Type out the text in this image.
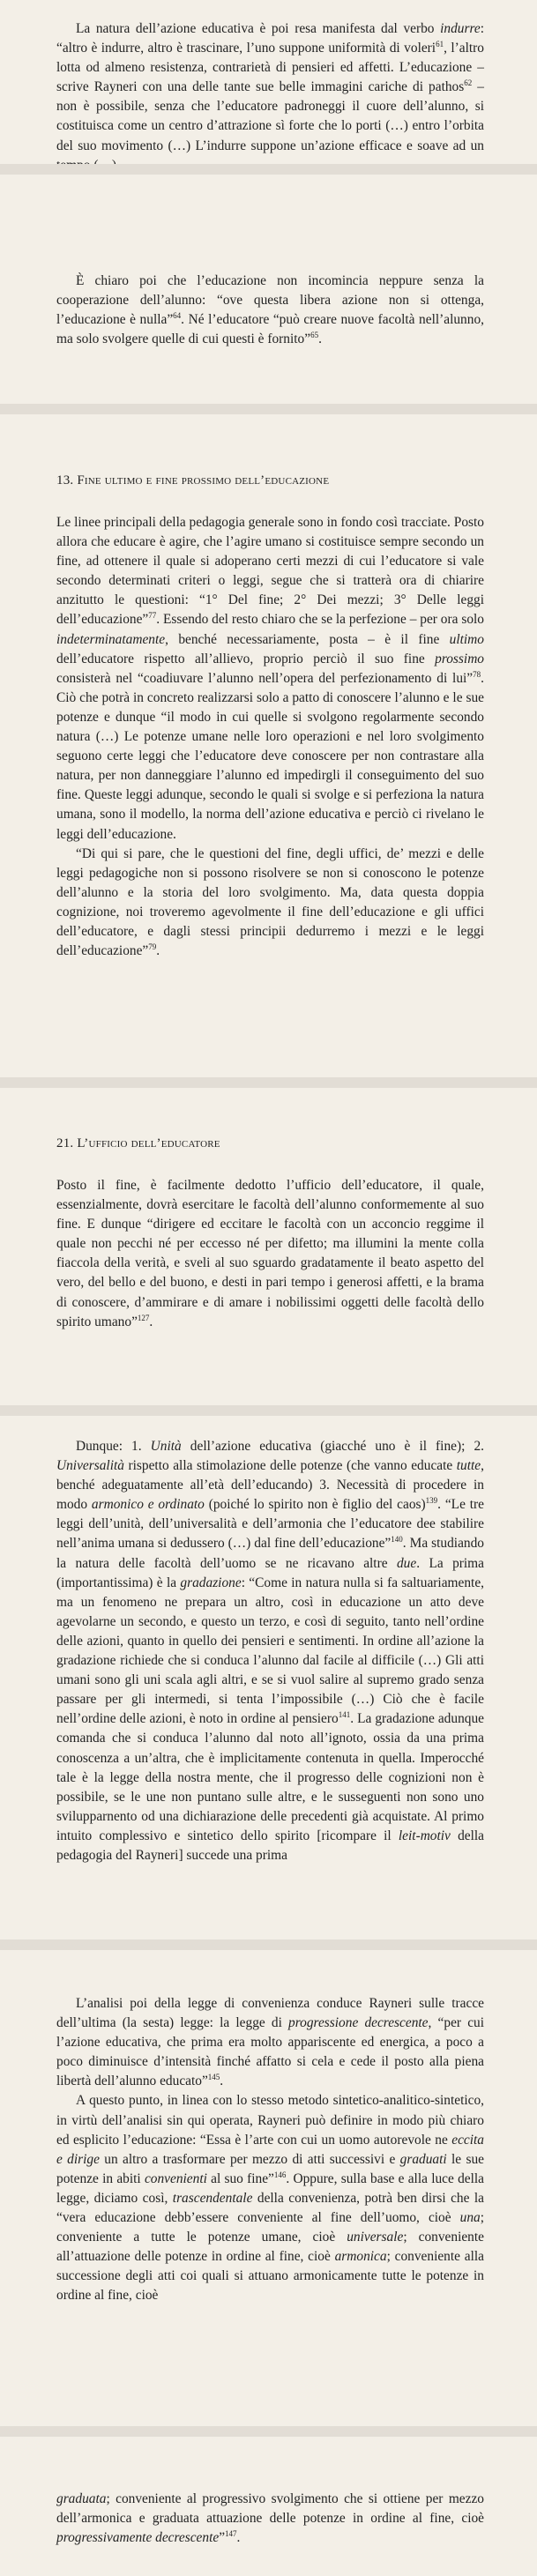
La natura dell’azione educativa è poi resa manifesta dal verbo indurre: “altro è indurre, altro è trascinare, l’uno suppone uniformità di voleri$^{61}$, l’altro lotta od almeno resistenza, contrarietà di pensieri ed affetti. L’educazione – scrive Rayneri con una delle tante sue belle immagini cariche di pathos$^{62}$ – non è possibile, senza che l’educatore padroneggi il cuore dell’alunno, si costituisca come un centro d’attrazione sì forte che lo porti (…) entro l’orbita del suo movimento (…) L’indurre suppone un’azione efficace e soave ad un

È chiaro poi che l’educazione non incomincia neppure senza la cooperazione dell’alunno: “ove questa libera azione non si ottenga, l’educazione è nulla”$^{64}$. Né l’educatore “può creare nuove facoltà nell’alunno, ma solo svolgere quelle di cui questi è fornito”$^{65}$.

13. Fine ultimo e fine prossimo dell’educazione

Le linee principali della pedagogia generale sono in fondo così tracciate. Posto allora che educare è agire, che l’agire umano si costituisce sempre secondo un fine, ad ottenere il quale si adoperano certi mezzi di cui l’educatore si vale secondo determinati criteri o leggi, segue che si tratterà ora di chiarire anzitutto le questioni: “1° Del fine; 2° Dei mezzi; 3° Delle leggi dell’educazione”$^{77}$. Essendo del resto chiaro che se la perfezione – per ora solo indeterminatamente, benché necessariamente, posta – è il fine ultimo dell’educatore rispetto all’allievo, proprio perciò il suo fine prossimo consisterà nel “coadiuvare l’alunno nell’opera del perfezionamento di lui”$^{78}$. Ciò che potrà in concreto realizzarsi solo a patto di conoscere l’alunno e le sue potenze e dunque “il modo in cui quelle si svolgono regolarmente secondo natura (…) Le potenze umane nelle loro operazioni e nel loro svolgimento seguono certe leggi che l’educatore deve conoscere per non contrastare alla natura, per non danneggiare l’alunno ed impedirgli il conseguimento del suo fine. Queste leggi adunque, secondo le quali si svolge e si perfeziona la natura umana, sono il modello, la norma dell’azione educativa e perciò ci rivelano le leggi dell’educazione.

“Di qui si pare, che le questioni del fine, degli uffici, de’ mezzi e delle leggi pedagogiche non si possono risolvere se non si conoscono le potenze dell’alunno e la storia del loro svolgimento. Ma, data questa doppia cognizione, noi troveremo agevolmente il fine dell’educazione e gli uffici dell’educatore, e dagli stessi principii dedurremo i mezzi e le leggi dell’educazione”$^{79}$.

21. L’ufficio dell’educatore

Posto il fine, è facilmente dedotto l’ufficio dell’educatore, il quale, essenzialmente, dovrà esercitare le facoltà dell’alunno conformemente al suo fine. E dunque “dirigere ed eccitare le facoltà con un acconcio reggime il quale non pecchi né per eccesso né per difetto; ma illumini la mente colla fiaccola della verità, e sveli al suo sguardo gradatamente il beato aspetto del vero, del bello e del buono, e desti in pari tempo i generosi affetti, e la brama di conoscere, d’ammirare e di amare i nobilissimi oggetti delle facoltà dello spirito umano”$^{127}$.

Dunque: 1. Unità dell’azione educativa (giacché uno è il fine); 2. Universalità rispetto alla stimolazione delle potenze (che vanno educate tutte, benché adeguatamente all’età dell’educando) 3. Necessità di procedere in modo armonico e ordinato (poiché lo spirito non è figlio del caos)$^{139}$. “Le tre leggi dell’unità, dell’universalità e dell’armonia che l’educatore dee stabilire nell’anima umana si dedussero (…) dal fine dell’educazione”$^{140}$. Ma studiando la natura delle facoltà dell’uomo se ne ricavano altre due. La prima (importantissima) è la gradazione: “Come in natura nulla si fa saltuariamente, ma un fenomeno ne prepara un altro, così in educazione un atto deve agevolarne un secondo, e questo un terzo, e così di seguito, tanto nell’ordine delle azioni, quanto in quello dei pensieri e sentimenti. In ordine all’azione la gradazione richiede che si conduca l’alunno dal facile al difficile (…) Gli atti umani sono gli uni scala agli altri, e se si vuol salire al supremo grado senza passare per gli intermedi, si tenta l’impossibile (…) Ciò che è facile nell’ordine delle azioni, è noto in ordine al pensiero$^{141}$. La gradazione adunque comanda che si conduca l’alunno dal noto all’ignoto, ossia da una prima conoscenza a un’altra, che è implicitamente contenuta in quella. Imperocché tale è la legge della nostra mente, che il progresso delle cognizioni non è possibile, se le une non puntano sulle altre, e le susseguenti non sono uno svilupparnento od una dichiarazione delle precedenti già acquistate. Al primo intuito complessivo e sintetico dello spirito [ricompare il leit-motiv della pedagogia del Rayneri] succede una prima

L’analisi poi della legge di convenienza conduce Rayneri sulle tracce dell’ultima (la sesta) legge: la legge di progressione decrescente, “per cui l’azione educativa, che prima era molto appariscente ed energica, a poco a poco diminuisce d’intensità finché affatto si cela e cede il posto alla piena libertà dell’alunno educato”$^{145}$.

A questo punto, in linea con lo stesso metodo sintetico-analitico-sintetico, in virtù dell’analisi sin qui operata, Rayneri può definire in modo più chiaro ed esplicito l’educazione: “Essa è l’arte con cui un uomo autorevole ne eccita e dirige un altro a trasformare per mezzo di atti successivi e graduati le sue potenze in abiti convenienti al suo fine”$^{146}$. Oppure, sulla base e alla luce della legge, diciamo così, trascendentale della convenienza, potrà ben dirsi che la “vera educazione debb’essere conveniente al fine dell’uomo, cioè una; conveniente a tutte le potenze umane, cioè universale; conveniente all’attuazione delle potenze in ordine al fine, cioè armonica; conveniente alla successione degli atti coi quali si attuano armonicamente tutte le potenze in ordine al fine, cioè

graduata; conveniente al progressivo svolgimento che si ottiene per mezzo dell’armonica e graduata attuazione delle potenze in ordine al fine, cioè progressivamente decrescente”$^{147}$.
